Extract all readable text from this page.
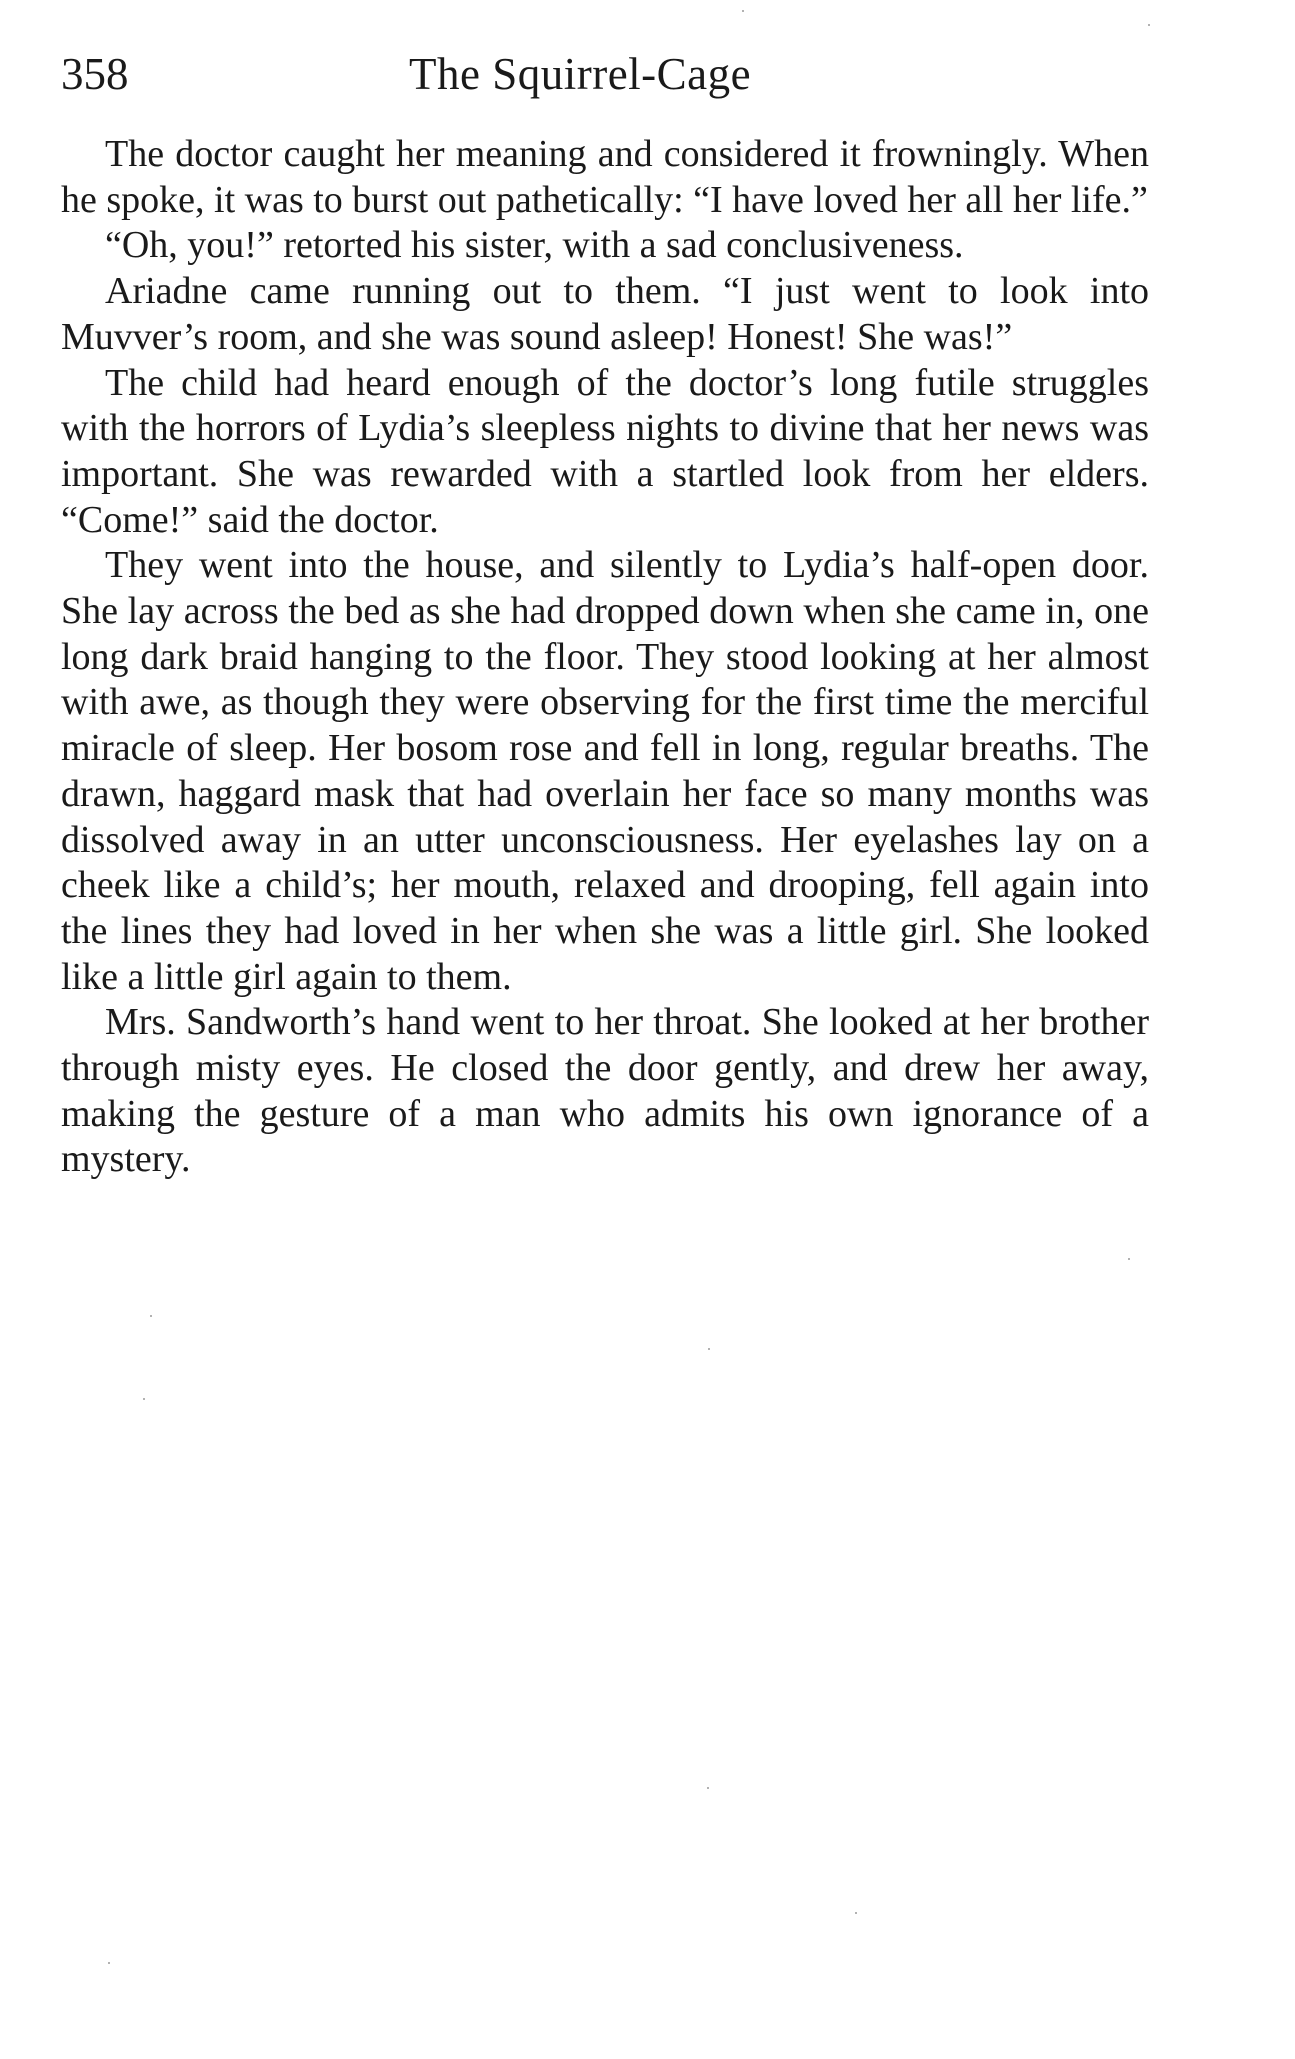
358	The Squirrel-Cage

The doctor caught her meaning and considered it frowningly. When he spoke, it was to burst out pathetically: “I have loved her all her life.”

“Oh, you!” retorted his sister, with a sad conclusiveness.

Ariadne came running out to them. “I just went to look into Muvver’s room, and she was sound asleep! Honest! She was!”

The child had heard enough of the doctor’s long futile struggles with the horrors of Lydia’s sleepless nights to divine that her news was important. She was rewarded with a startled look from her elders. “Come!” said the doctor.

They went into the house, and silently to Lydia’s half-open door. She lay across the bed as she had dropped down when she came in, one long dark braid hanging to the floor. They stood looking at her almost with awe, as though they were observing for the first time the merciful miracle of sleep. Her bosom rose and fell in long, regular breaths. The drawn, haggard mask that had overlain her face so many months was dissolved away in an utter unconsciousness. Her eyelashes lay on a cheek like a child’s; her mouth, relaxed and drooping, fell again into the lines they had loved in her when she was a little girl. She looked like a little girl again to them.

Mrs. Sandworth’s hand went to her throat. She looked at her brother through misty eyes. He closed the door gently, and drew her away, making the gesture of a man who admits his own ignorance of a mystery.
